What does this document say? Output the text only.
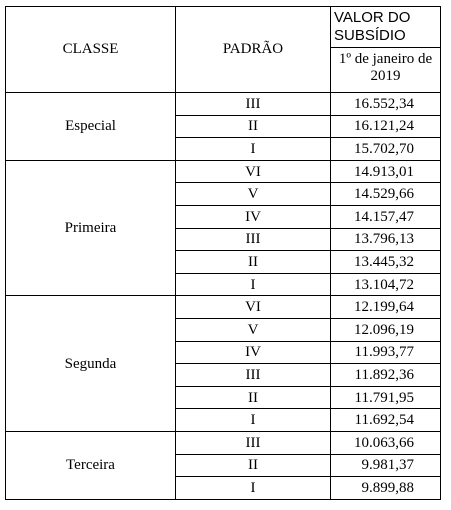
CLASSE	PADRÃO	VALOR DO
SUBSÍDIO
1º de janeiro de 2019

Especial	III	16.552,34
	II	16.121,24
	I	15.702,70
Primeira	VI	14.913,01
	V	14.529,66
	IV	14.157,47
	III	13.796,13
	II	13.445,32
	I	13.104,72
Segunda	VI	12.199,64
	V	12.096,19
	IV	11.993,77
	III	11.892,36
	II	11.791,95
	I	11.692,54
Terceira	III	10.063,66
	II	9.981,37
	I	9.899,88
